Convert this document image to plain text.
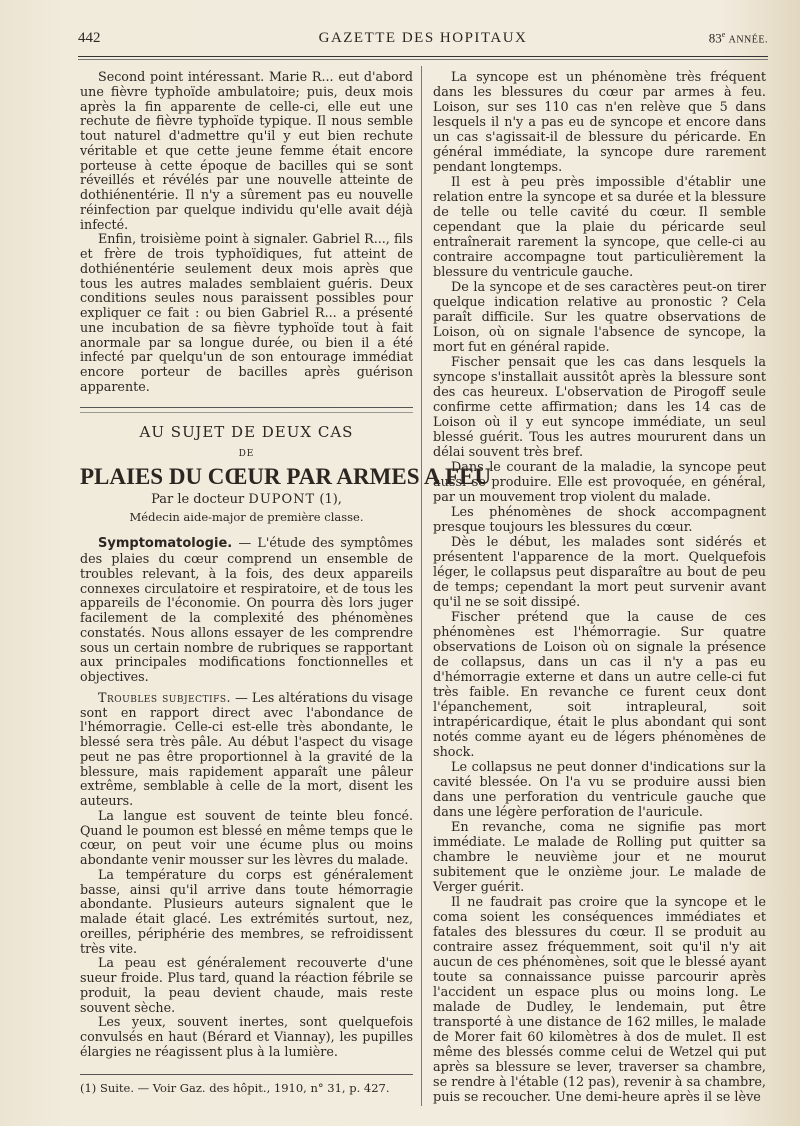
442	GAZETTE DES HOPITAUX	83e ANNÉE.

Second point intéressant. Marie R... eut d'abord une fièvre typhoïde ambulatoire; puis, deux mois après la fin apparente de celle-ci, elle eut une rechute de fièvre typhoïde typique. Il nous semble tout naturel d'admettre qu'il y eut bien rechute véritable et que cette jeune femme était encore porteuse à cette époque de bacilles qui se sont réveillés et révélés par une nouvelle atteinte de dothiénentérie. Il n'y a sûrement pas eu nouvelle réinfection par quelque individu qu'elle avait déjà infecté.

Enfin, troisième point à signaler. Gabriel R..., fils et frère de trois typhoïdiques, fut atteint de dothiénentérie seulement deux mois après que tous les autres malades semblaient guéris. Deux conditions seules nous paraissent possibles pour expliquer ce fait : ou bien Gabriel R... a présenté une incubation de sa fièvre typhoïde tout à fait anormale par sa longue durée, ou bien il a été infecté par quelqu'un de son entourage immédiat encore porteur de bacilles après guérison apparente.

AU SUJET DE DEUX CAS
DE
PLAIES DU CŒUR PAR ARMES A FEU
Par le docteur DUPONT (1),
Médecin aide-major de première classe.

Symptomatologie. — L'étude des symptômes des plaies du cœur comprend un ensemble de troubles relevant, à la fois, des deux appareils connexes circulatoire et respiratoire, et de tous les appareils de l'économie. On pourra dès lors juger facilement de la complexité des phénomènes constatés. Nous allons essayer de les comprendre sous un certain nombre de rubriques se rapportant aux principales modifications fonctionnelles et objectives.

Troubles subjectifs. — Les altérations du visage sont en rapport direct avec l'abondance de l'hémorragie. Celle-ci est-elle très abondante, le blessé sera très pâle. Au début l'aspect du visage peut ne pas être proportionnel à la gravité de la blessure, mais rapidement apparaît une pâleur extrême, semblable à celle de la mort, disent les auteurs.

La langue est souvent de teinte bleu foncé. Quand le poumon est blessé en même temps que le cœur, on peut voir une écume plus ou moins abondante venir mousser sur les lèvres du malade.

La température du corps est généralement basse, ainsi qu'il arrive dans toute hémorragie abondante. Plusieurs auteurs signalent que le malade était glacé. Les extrémités surtout, nez, oreilles, périphérie des membres, se refroidissent très vite.

La peau est généralement recouverte d'une sueur froide. Plus tard, quand la réaction fébrile se produit, la peau devient chaude, mais reste souvent sèche.

Les yeux, souvent inertes, sont quelquefois convulsés en haut (Bérard et Viannay), les pupilles élargies ne réagissent plus à la lumière.

(1) Suite. — Voir Gaz. des hôpit., 1910, n° 31, p. 427.

La syncope est un phénomène très fréquent dans les blessures du cœur par armes à feu. Loison, sur ses 110 cas n'en relève que 5 dans lesquels il n'y a pas eu de syncope et encore dans un cas s'agissait-il de blessure du péricarde. En général immédiate, la syncope dure rarement pendant longtemps.

Il est à peu près impossible d'établir une relation entre la syncope et sa durée et la blessure de telle ou telle cavité du cœur. Il semble cependant que la plaie du péricarde seul entraînerait rarement la syncope, que celle-ci au contraire accompagne tout particulièrement la blessure du ventricule gauche.

De la syncope et de ses caractères peut-on tirer quelque indication relative au pronostic ? Cela paraît difficile. Sur les quatre observations de Loison, où on signale l'absence de syncope, la mort fut en général rapide.

Fischer pensait que les cas dans lesquels la syncope s'installait aussitôt après la blessure sont des cas heureux. L'observation de Pirogoff seule confirme cette affirmation; dans les 14 cas de Loison où il y eut syncope immédiate, un seul blessé guérit. Tous les autres moururent dans un délai souvent très bref.

Dans le courant de la maladie, la syncope peut aussi se produire. Elle est provoquée, en général, par un mouvement trop violent du malade.

Les phénomènes de shock accompagnent presque toujours les blessures du cœur.

Dès le début, les malades sont sidérés et présentent l'apparence de la mort. Quelquefois léger, le collapsus peut disparaître au bout de peu de temps; cependant la mort peut survenir avant qu'il ne se soit dissipé.

Fischer prétend que la cause de ces phénomènes est l'hémorragie. Sur quatre observations de Loison où on signale la présence de collapsus, dans un cas il n'y a pas eu d'hémorragie externe et dans un autre celle-ci fut très faible. En revanche ce furent ceux dont l'épanchement, soit intrapleural, soit intrapéricardique, était le plus abondant qui sont notés comme ayant eu de légers phénomènes de shock.

Le collapsus ne peut donner d'indications sur la cavité blessée. On l'a vu se produire aussi bien dans une perforation du ventricule gauche que dans une légère perforation de l'auricule.

En revanche, coma ne signifie pas mort immédiate. Le malade de Rolling put quitter sa chambre le neuvième jour et ne mourut subitement que le onzième jour. Le malade de Verger guérit.

Il ne faudrait pas croire que la syncope et le coma soient les conséquences immédiates et fatales des blessures du cœur. Il se produit au contraire assez fréquemment, soit qu'il n'y ait aucun de ces phénomènes, soit que le blessé ayant toute sa connaissance puisse parcourir après l'accident un espace plus ou moins long. Le malade de Dudley, le lendemain, put être transporté à une distance de 162 milles, le malade de Morer fait 60 kilomètres à dos de mulet. Il est même des blessés comme celui de Wetzel qui put après sa blessure se lever, traverser sa chambre, se rendre à l'étable (12 pas), revenir à sa chambre, puis se recoucher. Une demi-heure après il se lève
